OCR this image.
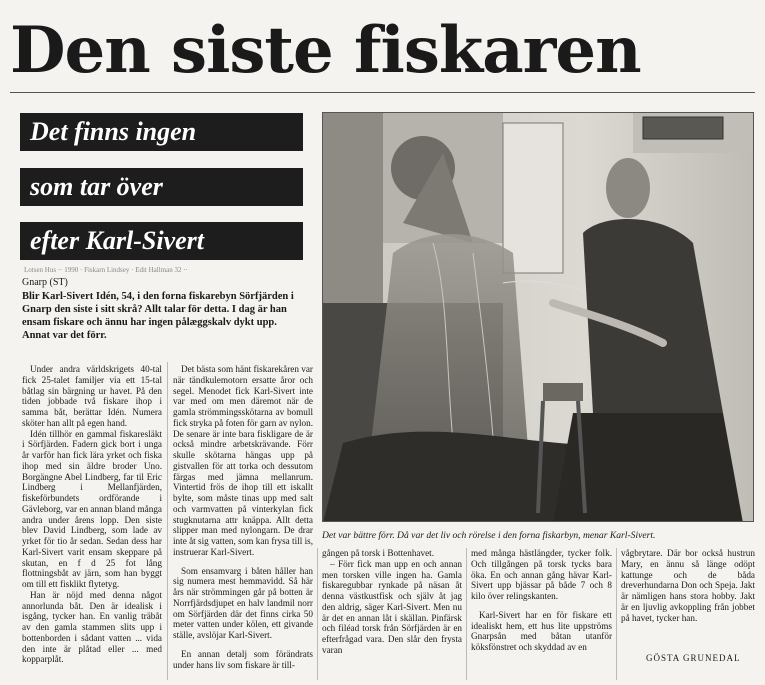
Den siste fiskaren
Det finns ingen
som tar över
efter Karl-Sivert
Lotsen Hus ·· 1990 · Fiskarn Lindsey · Edit Hallman 32 ··
Gnarp (ST)
Blir Karl-Sivert Idén, 54, i den forna fiskarebyn Sörfjärden i Gnarp den siste i sitt skrå? Allt talar för detta. I dag är han ensam fiskare och ännu har ingen pålæggskalv dykt upp. Annat var det förr.

Under andra världskrigets 40-tal fick 25-talet familjer via ett 15-tal båtlag sin bärgning ur havet. På den tiden jobbade två fiskare ihop i samma båt, berättar Idén. Numera sköter han allt på egen hand.

Idén tillhör en gammal fiskaresläkt i Sörfjärden. Fadern gick bort i unga år varför han fick lära yrket och fiska ihop med sin äldre broder Uno. Borgängne Abel Lindberg, far til Eric Lindberg i Mellanfjärden, fiskeförbundets ordförande i Gävleborg, var en annan bland många andra under årens lopp. Den siste blev David Lindberg, som lade av yrket för tio år sedan. Sedan dess har Karl-Sivert varit ensam skeppare på skutan, en f d 25 fot lång flottningsbåt av järn, som han byggt om till ett fisklikt flytetyg.

Han är nöjd med denna något annorlunda båt. Den är idealisk i isgång, tycker han. En vanlig träbåt av den gamla stammen slits upp i bottenborden i sådant vatten ... vida den inte är plåtad eller ... med kopparplåt.

Det bästa som hänt fiskarekåren var när tändkulemotorn ersatte åror och segel. Menodet fick Karl-Sivert inte var med om men däremot när de gamla strömmingsskötarna av bomull fick stryka på foten för garn av nylon. De senare är inte bara fiskligare de är också mindre arbetskrävande. Förr skulle skötarna hängas upp på gistvallen för att torka och dessutom färgas med jämna mellanrum. Vintertid frös de ihop till ett iskallt bylte, som måste tinas upp med salt och varmvatten på vinterkylan fick stugknutarna attr knäppa. Allt detta slipper man med nylongarn. De drar inte åt sig vatten, som kan frysa till is, instruerar Karl-Sivert.

Som ensamvarg i båten håller han sig numera mest hemmavidd. Så här års när strömmingen går på botten är Norrfjärdsdjupet en halv landmil norr om Sörfjärden där det finns cirka 50 meter vatten under kölen, ett givande ställe, avslöjar Karl-Sivert.

En annan detalj som förändrats under hans liv som fiskare är till-

Det var bättre förr. Då var det liv och rörelse i den forna fiskarbyn, menar Karl-Sivert.

gången på torsk i Bottenhavet.

– Förr fick man upp en och annan men torsken ville ingen ha. Gamla fiskaregubbar rynkade på näsan åt denna västkustfisk och själv åt jag den aldrig, säger Karl-Sivert. Men nu är det en annan låt i skällan. Pinfärsk och filéad torsk från Sörfjärden är en efterfrågad vara. Den slår den frysta varan

med många hästlängder, tycker folk. Och tillgången på torsk tycks bara öka. En och annan gång hävar Karl-Sivert upp bjässar på både 7 och 8 kilo över relingskanten.

Karl-Sivert har en för fiskare ett idealiskt hem, ett hus lite uppströms Gnarpsån med båtan utanför köksfönstret och skyddad av en

vågbrytare. Där bor också hustrun Mary, en ännu så länge odöpt kattunge och de båda dreverhundarna Don och Speja. Jakt är nämligen hans stora hobby. Jakt är en ljuvlig avkoppling från jobbet på havet, tycker han.

GÖSTA GRUNEDAL
